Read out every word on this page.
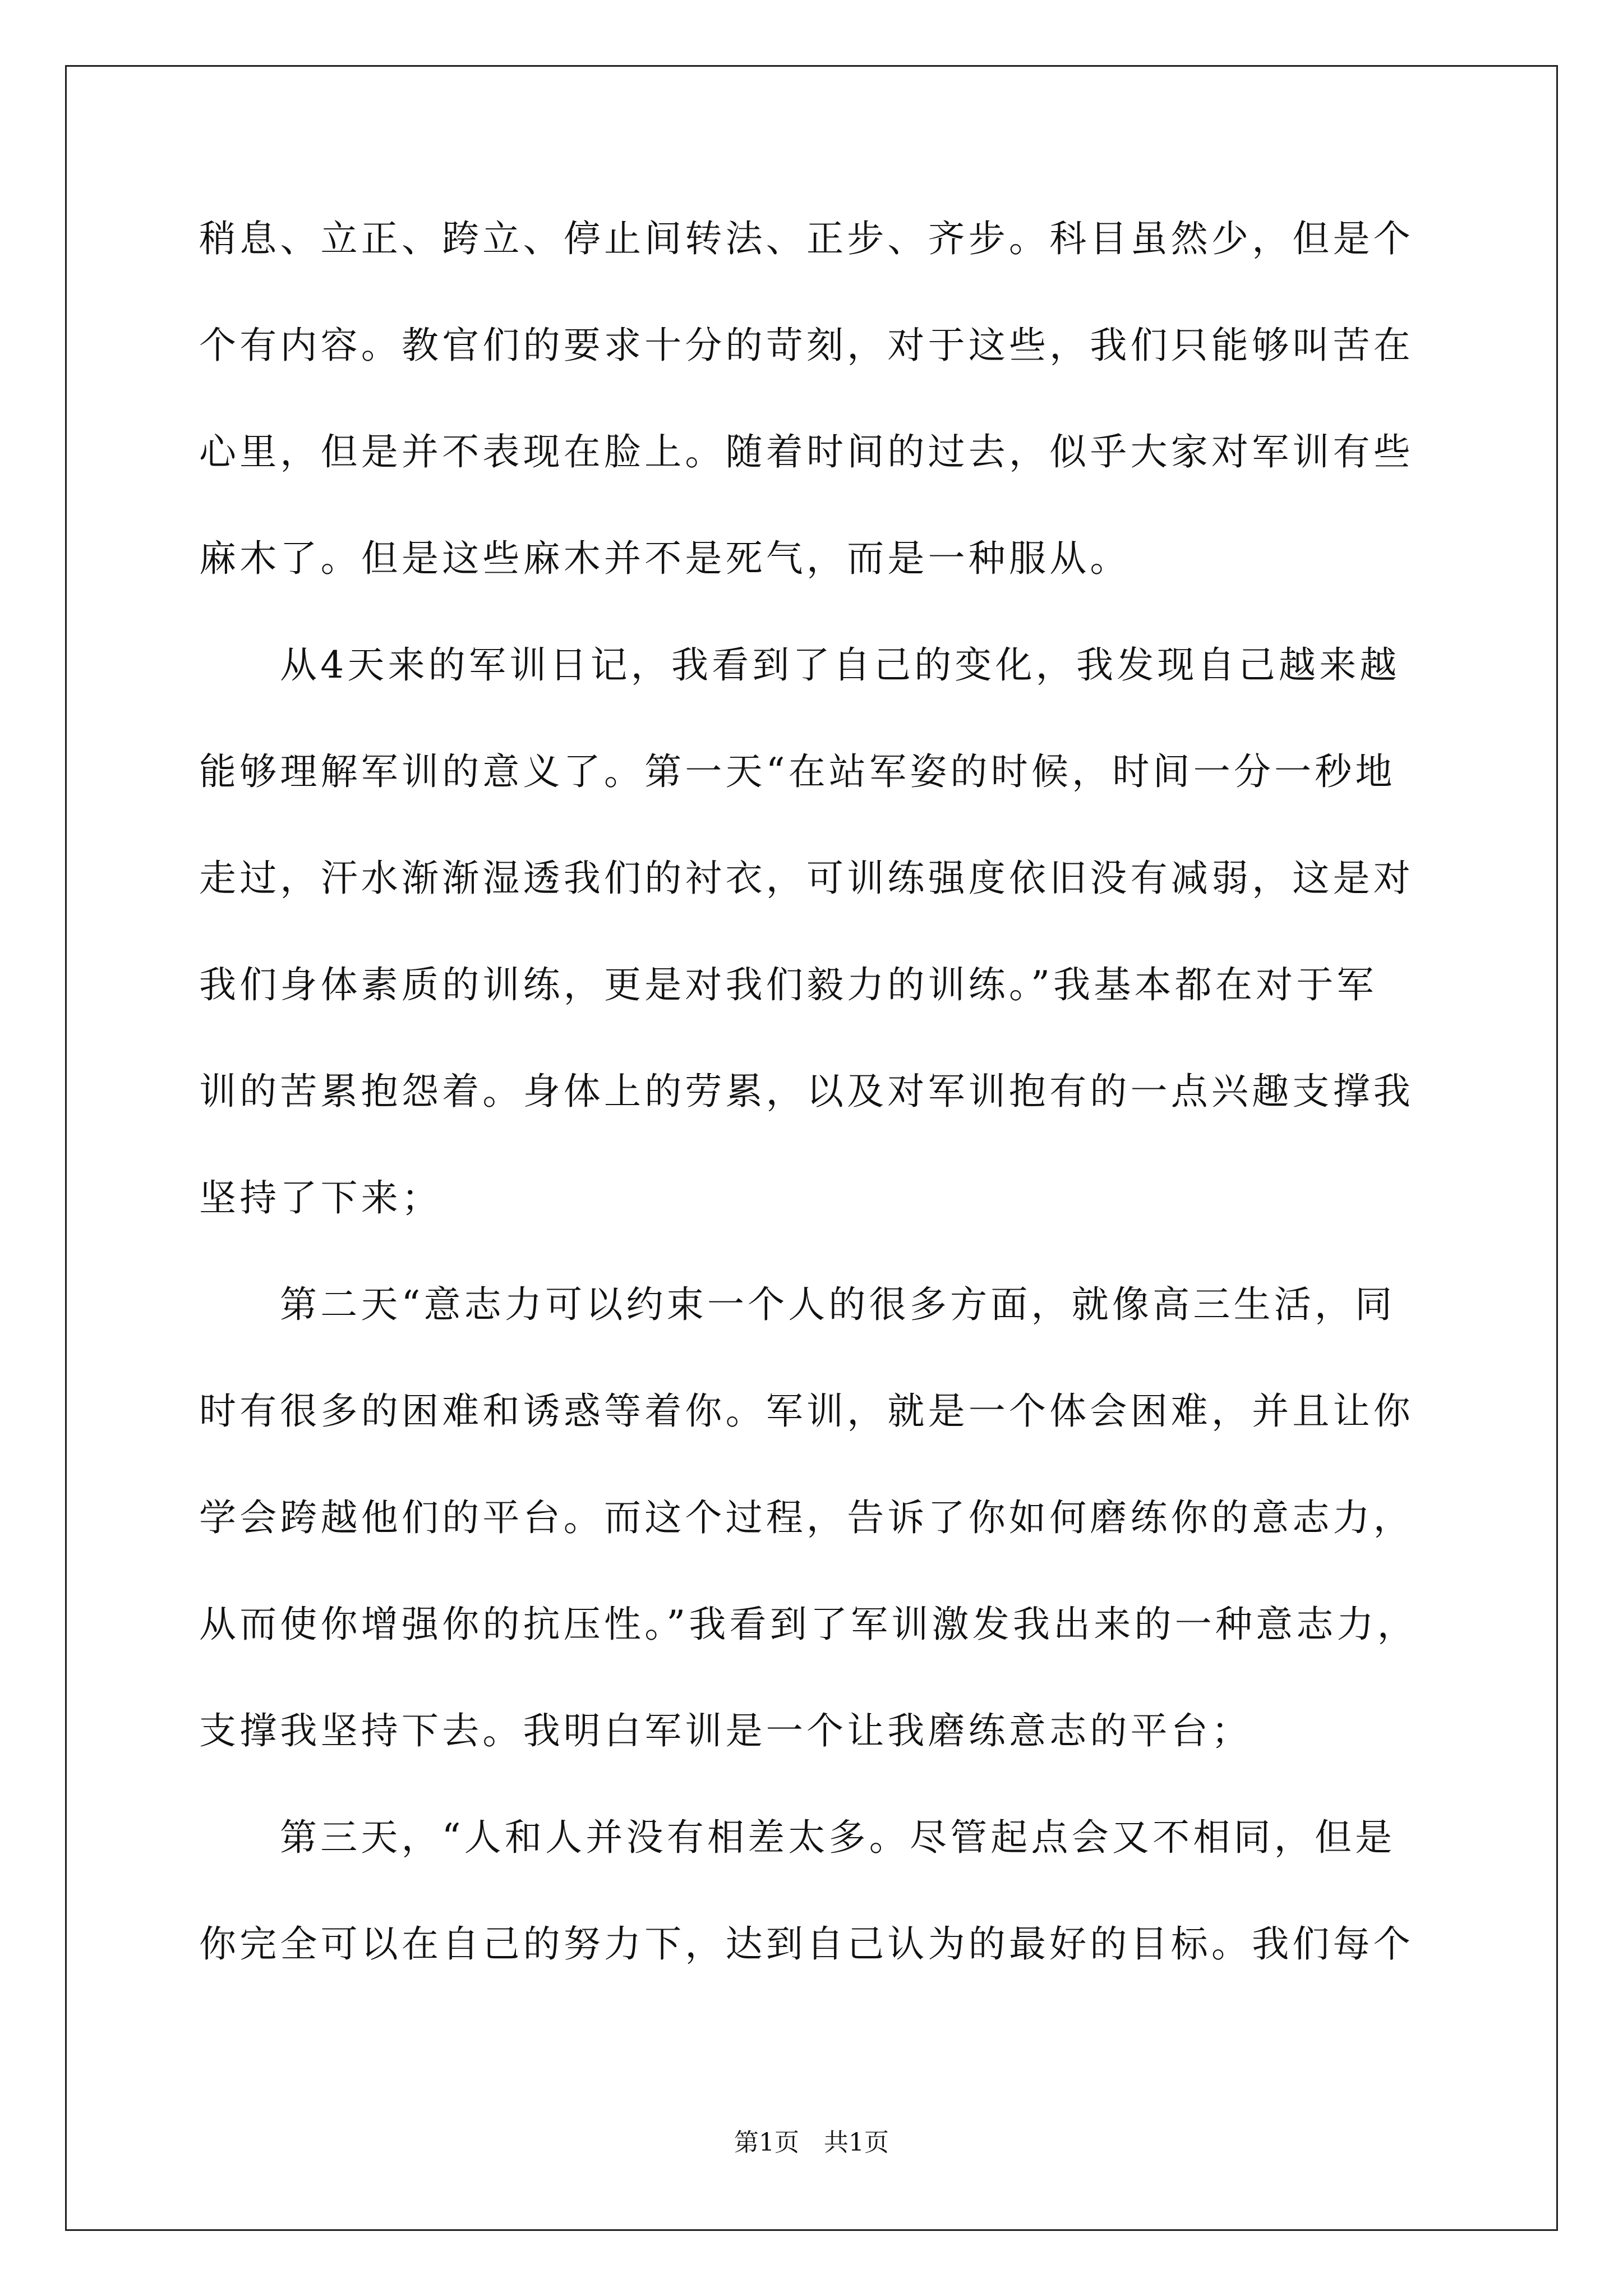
稍息、立正、跨立、停止间转法、正步、齐步。科目虽然少，但是个
个有内容。教官们的要求十分的苛刻，对于这些，我们只能够叫苦在
心里，但是并不表现在脸上。随着时间的过去，似乎大家对军训有些
麻木了。但是这些麻木并不是死气，而是一种服从。
从4天来的军训日记，我看到了自己的变化，我发现自己越来越
能够理解军训的意义了。第一天“在站军姿的时候，时间一分一秒地
走过，汗水渐渐湿透我们的衬衣，可训练强度依旧没有减弱，这是对
我们身体素质的训练，更是对我们毅力的训练。”我基本都在对于军
训的苦累抱怨着。身体上的劳累，以及对军训抱有的一点兴趣支撑我
坚持了下来；
第二天“意志力可以约束一个人的很多方面，就像高三生活，同
时有很多的困难和诱惑等着你。军训，就是一个体会困难，并且让你
学会跨越他们的平台。而这个过程，告诉了你如何磨练你的意志力，
从而使你增强你的抗压性。”我看到了军训激发我出来的一种意志力，
支撑我坚持下去。我明白军训是一个让我磨练意志的平台；
第三天，“人和人并没有相差太多。尽管起点会又不相同，但是
你完全可以在自己的努力下，达到自己认为的最好的目标。我们每个
第1页　共1页
